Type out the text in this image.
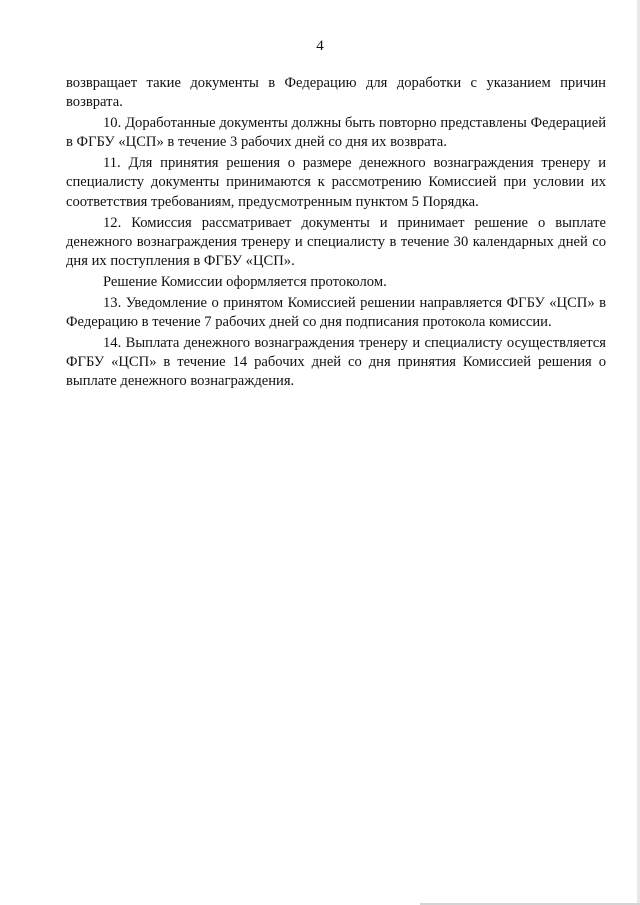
4

возвращает такие документы в Федерацию для доработки с указанием причин возврата.

10. Доработанные документы должны быть повторно представлены Федерацией в ФГБУ «ЦСП» в течение 3 рабочих дней со дня их возврата.

11. Для принятия решения о размере денежного вознаграждения тренеру и специалисту документы принимаются к рассмотрению Комиссией при условии их соответствия требованиям, предусмотренным пунктом 5 Порядка.

12. Комиссия рассматривает документы и принимает решение о выплате денежного вознаграждения тренеру и специалисту в течение 30 календарных дней со дня их поступления в ФГБУ «ЦСП».

Решение Комиссии оформляется протоколом.

13. Уведомление о принятом Комиссией решении направляется ФГБУ «ЦСП» в Федерацию в течение 7 рабочих дней со дня подписания протокола комиссии.

14. Выплата денежного вознаграждения тренеру и специалисту осуществляется ФГБУ «ЦСП» в течение 14 рабочих дней со дня принятия Комиссией решения о выплате денежного вознаграждения.
